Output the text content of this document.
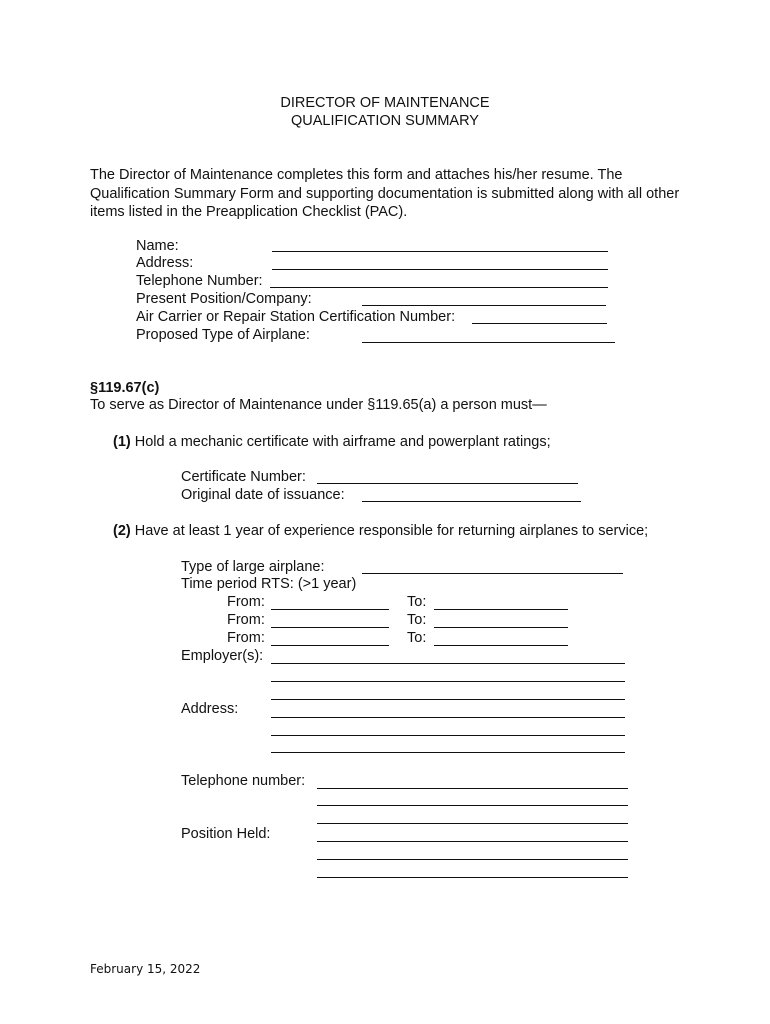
DIRECTOR OF MAINTENANCE
QUALIFICATION SUMMARY
The Director of Maintenance completes this form and attaches his/her resume. The Qualification Summary Form and supporting documentation is submitted along with all other items listed in the Preapplication Checklist (PAC).
Name:
Address:
Telephone Number:
Present Position/Company:
Air Carrier or Repair Station Certification Number:
Proposed Type of Airplane:
§119.67(c)
To serve as Director of Maintenance under §119.65(a) a person must—
(1) Hold a mechanic certificate with airframe and powerplant ratings;
Certificate Number:
Original date of issuance:
(2) Have at least 1 year of experience responsible for returning airplanes to service;
Type of large airplane:
Time period RTS: (>1 year)
From:	To:
From:	To:
From:	To:
Employer(s):
Address:
Telephone number:
Position Held:
February 15, 2022
